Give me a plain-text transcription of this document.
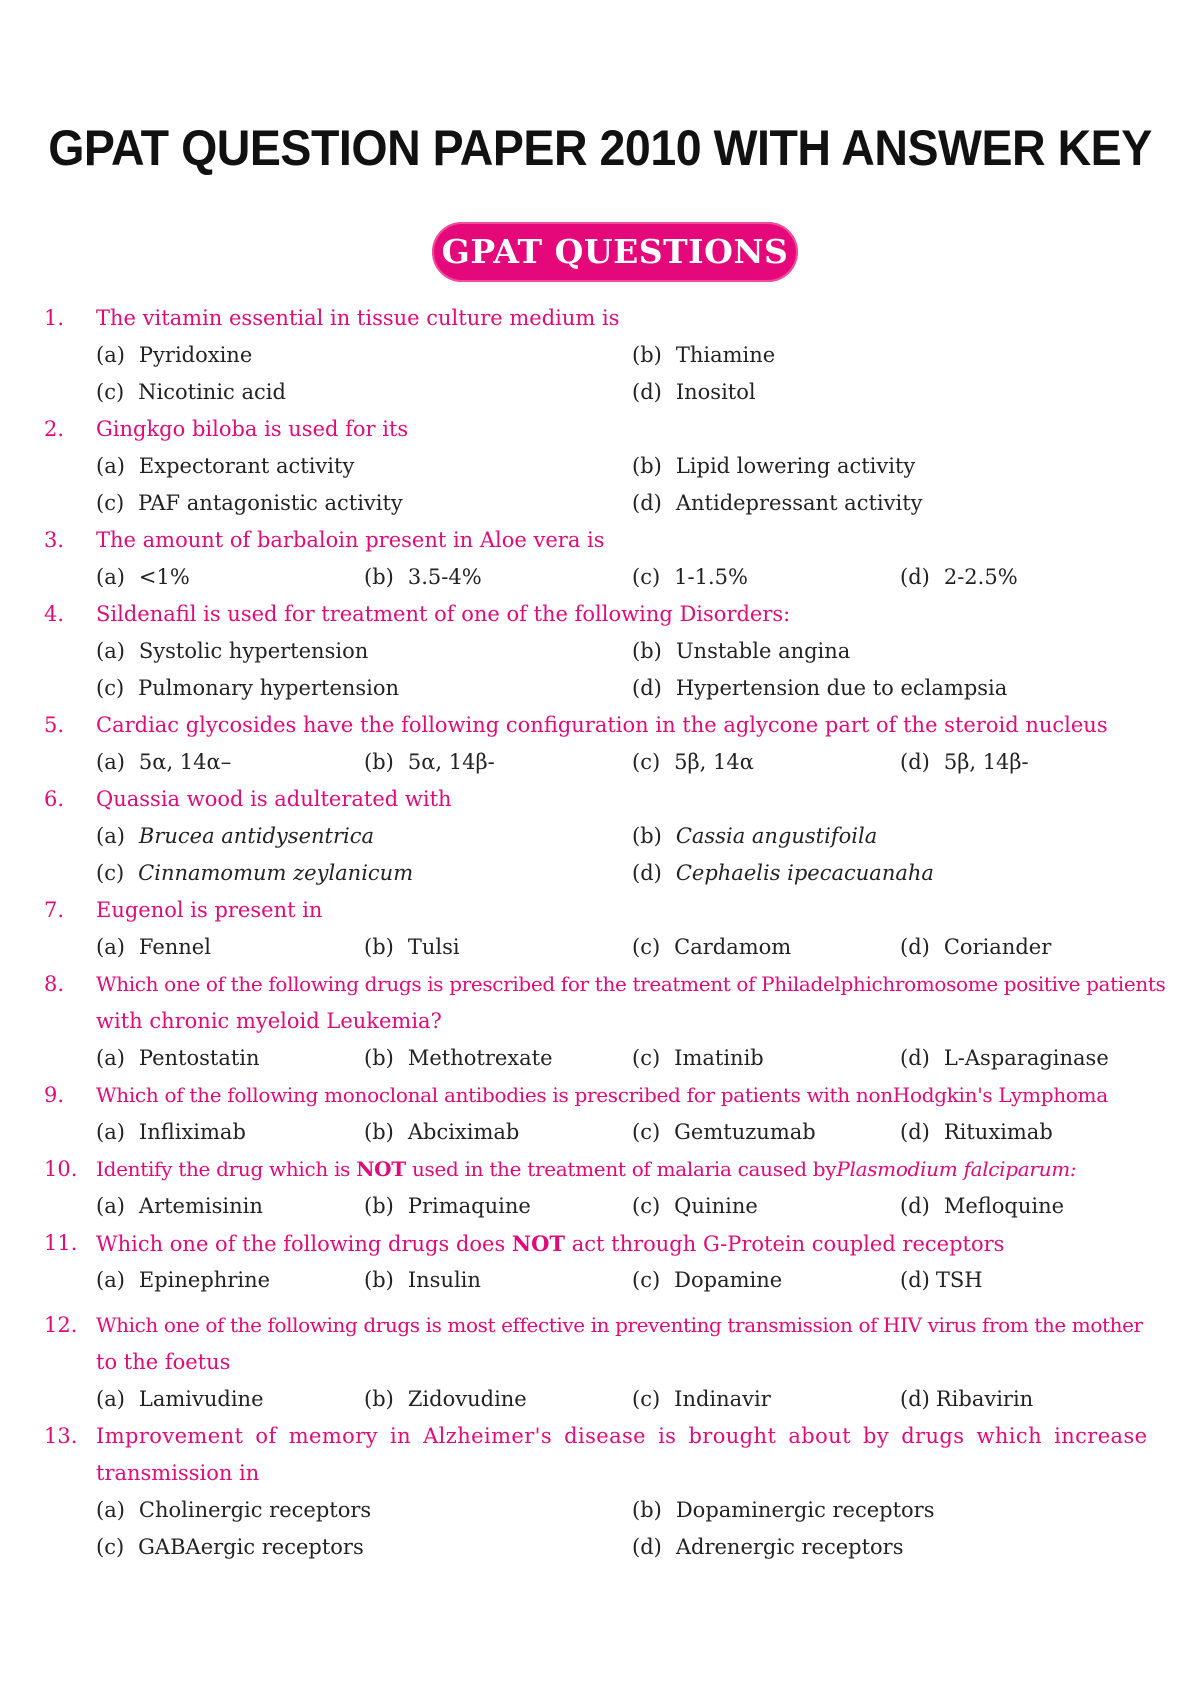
GPAT QUESTION PAPER 2010 WITH ANSWER KEY
GPAT QUESTIONS
1. The vitamin essential in tissue culture medium is
(a) Pyridoxine	(b) Thiamine
(c) Nicotinic acid	(d) Inositol
2. Gingkgo biloba is used for its
(a) Expectorant activity	(b) Lipid lowering activity
(c) PAF antagonistic activity	(d) Antidepressant activity
3. The amount of barbaloin present in Aloe vera is
(a) <1%	(b) 3.5-4%	(c) 1-1.5%	(d) 2-2.5%
4. Sildenafil is used for treatment of one of the following Disorders:
(a) Systolic hypertension	(b) Unstable angina
(c) Pulmonary hypertension	(d) Hypertension due to eclampsia
5. Cardiac glycosides have the following configuration in the aglycone part of the steroid nucleus
(a) 5α, 14α–	(b) 5α, 14β-	(c) 5β, 14α	(d) 5β, 14β-
6. Quassia wood is adulterated with
(a) Brucea antidysentrica	(b) Cassia angustifoila
(c) Cinnamomum zeylanicum	(d) Cephaelis ipecacuanaha
7. Eugenol is present in
(a) Fennel	(b) Tulsi	(c) Cardamom	(d) Coriander
8. Which one of the following drugs is prescribed for the treatment of Philadelphichromosome positive patients
with chronic myeloid Leukemia?
(a) Pentostatin	(b) Methotrexate	(c) Imatinib	(d) L-Asparaginase
9. Which of the following monoclonal antibodies is prescribed for patients with nonHodgkin's Lymphoma
(a) Infliximab	(b) Abciximab	(c) Gemtuzumab	(d) Rituximab
10. Identify the drug which is NOT used in the treatment of malaria caused byPlasmodium falciparum:
(a) Artemisinin	(b) Primaquine	(c) Quinine	(d) Mefloquine
11. Which one of the following drugs does NOT act through G-Protein coupled receptors
(a) Epinephrine	(b) Insulin	(c) Dopamine	(d) TSH
12. Which one of the following drugs is most effective in preventing transmission of HIV virus from the mother
to the foetus
(a) Lamivudine	(b) Zidovudine	(c) Indinavir	(d) Ribavirin
13. Improvement of memory in Alzheimer's disease is brought about by drugs which increase
transmission in
(a) Cholinergic receptors	(b) Dopaminergic receptors
(c) GABAergic receptors	(d) Adrenergic receptors
